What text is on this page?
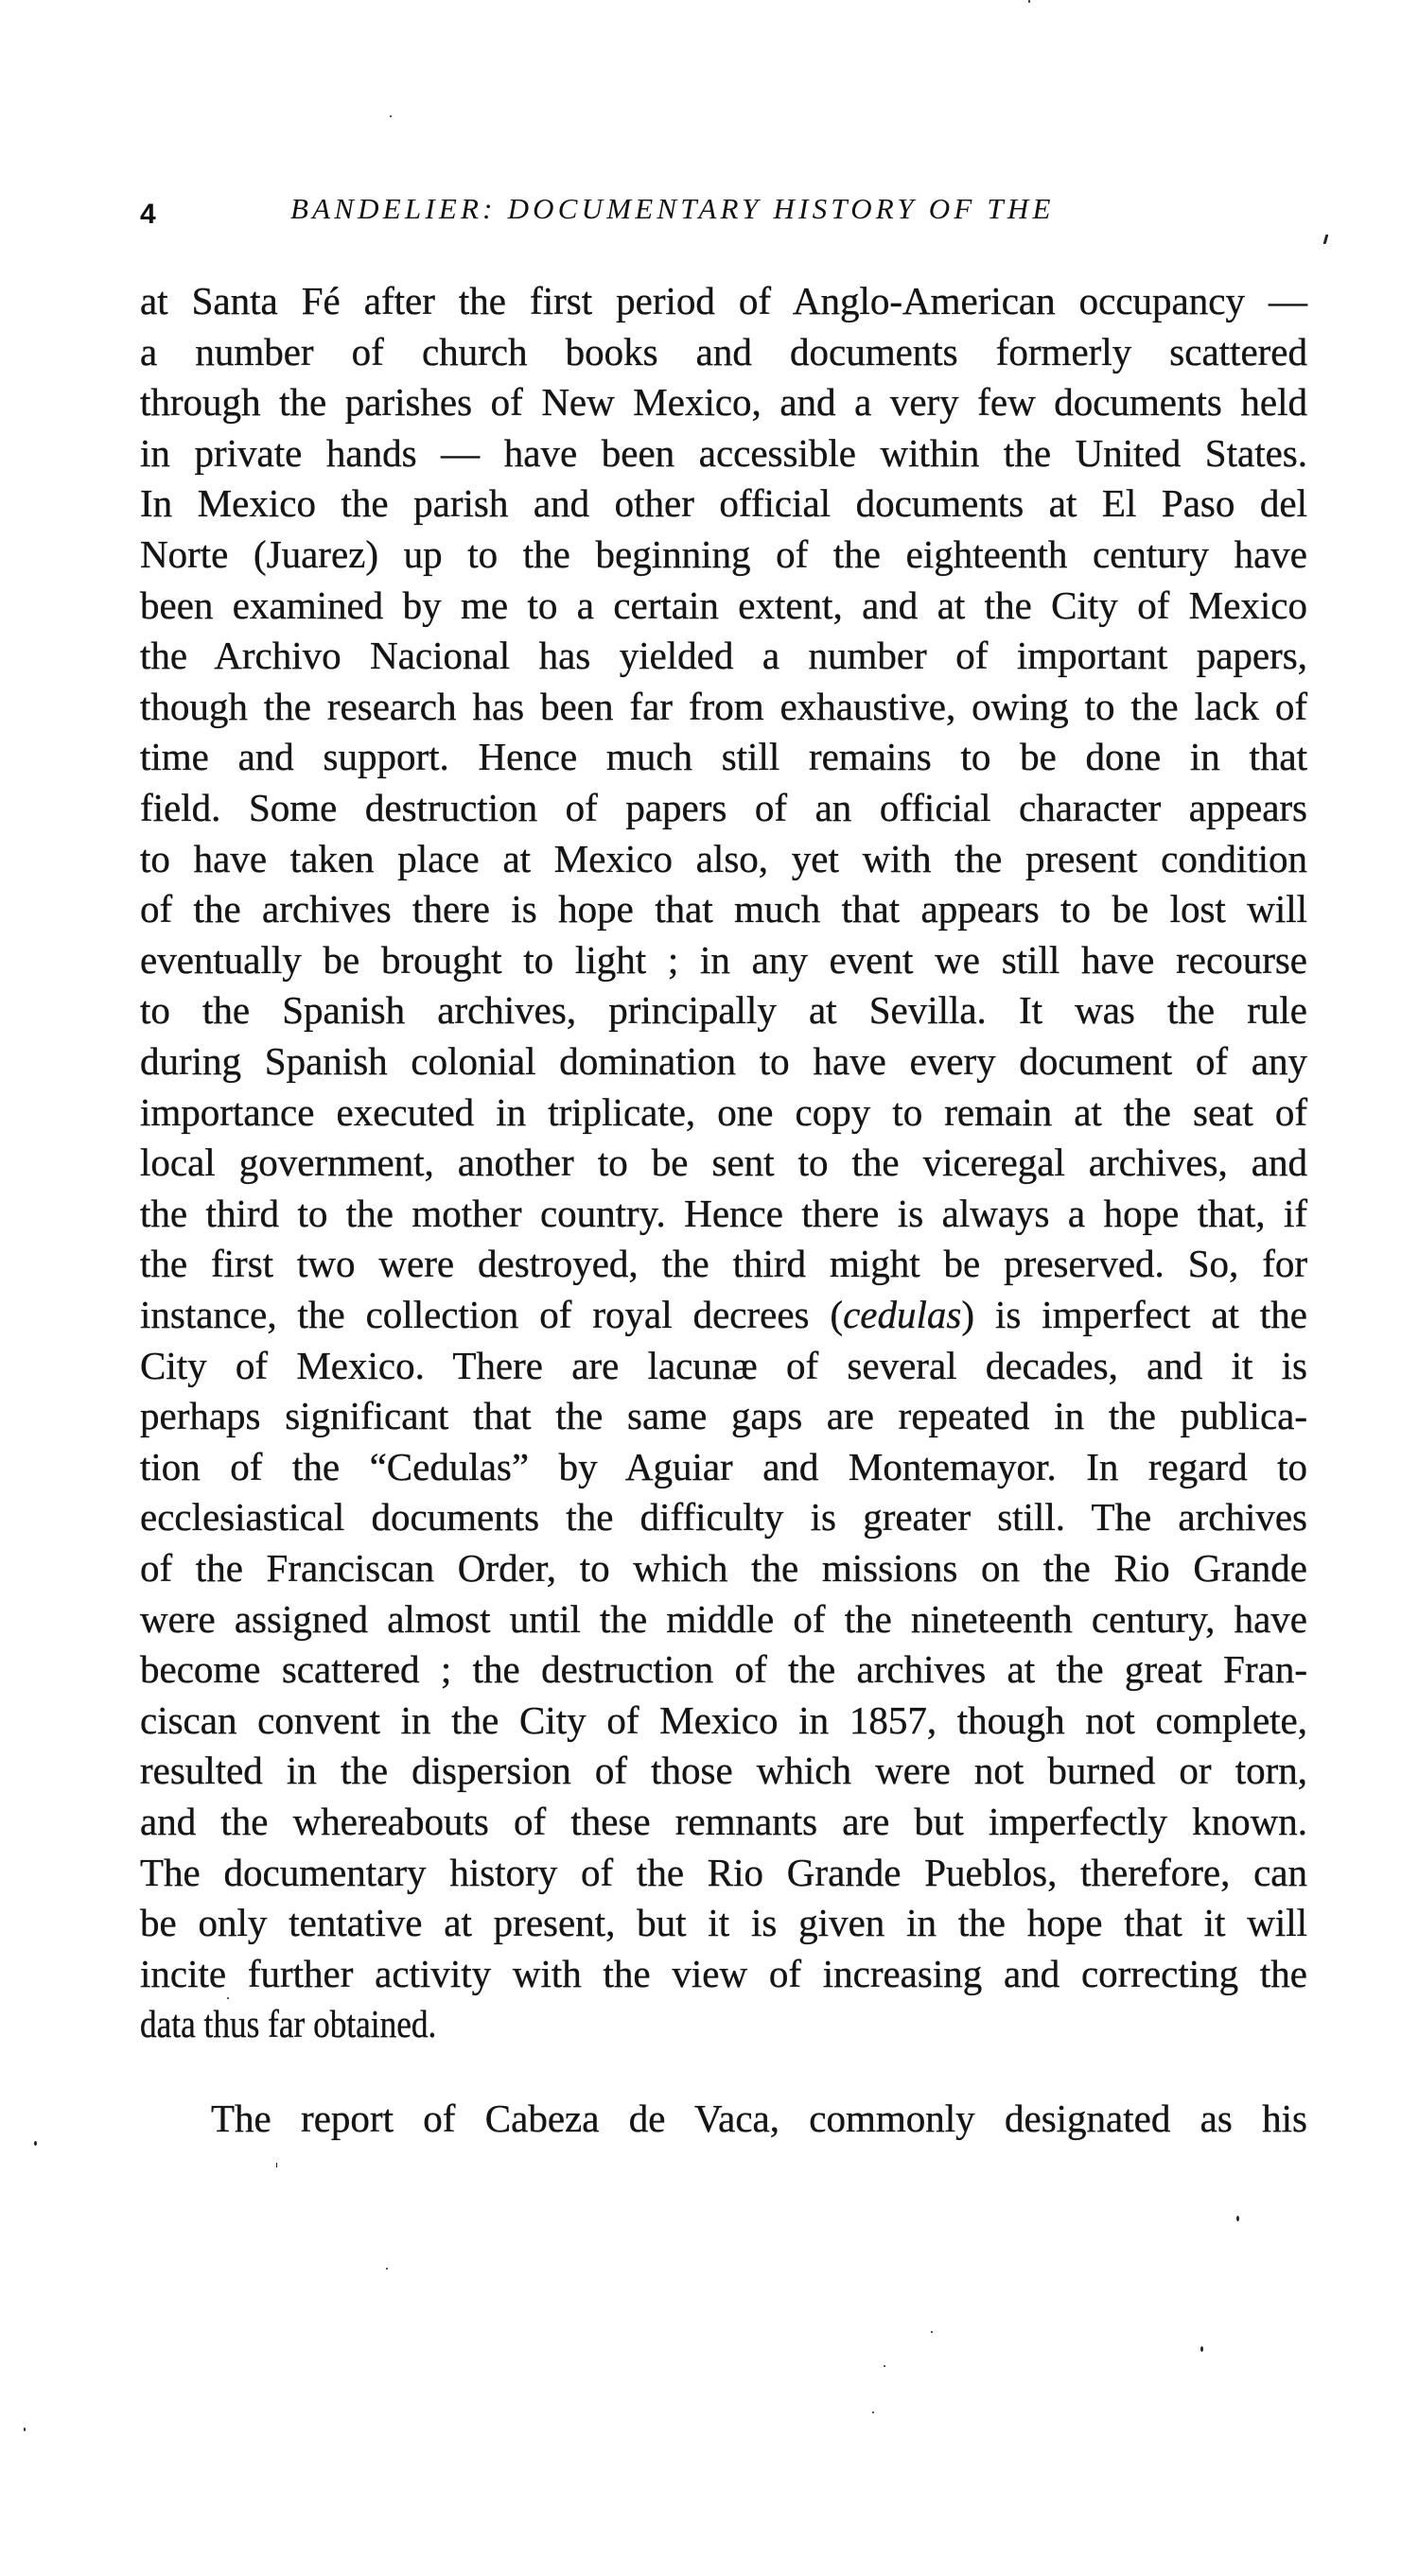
4	BANDELIER: DOCUMENTARY HISTORY OF THE
at Santa Fé after the first period of Anglo-American occupancy —
a number of church books and documents formerly scattered
through the parishes of New Mexico, and a very few documents held
in private hands — have been accessible within the United States.
In Mexico the parish and other official documents at El Paso del
Norte (Juarez) up to the beginning of the eighteenth century have
been examined by me to a certain extent, and at the City of Mexico
the Archivo Nacional has yielded a number of important papers,
though the research has been far from exhaustive, owing to the lack of
time and support. Hence much still remains to be done in that
field. Some destruction of papers of an official character appears
to have taken place at Mexico also, yet with the present condition
of the archives there is hope that much that appears to be lost will
eventually be brought to light ; in any event we still have recourse
to the Spanish archives, principally at Sevilla. It was the rule
during Spanish colonial domination to have every document of any
importance executed in triplicate, one copy to remain at the seat of
local government, another to be sent to the viceregal archives, and
the third to the mother country. Hence there is always a hope that, if
the first two were destroyed, the third might be preserved. So, for
instance, the collection of royal decrees (cedulas) is imperfect at the
City of Mexico. There are lacunæ of several decades, and it is
perhaps significant that the same gaps are repeated in the publica-
tion of the “Cedulas” by Aguiar and Montemayor. In regard to
ecclesiastical documents the difficulty is greater still. The archives
of the Franciscan Order, to which the missions on the Rio Grande
were assigned almost until the middle of the nineteenth century, have
become scattered ; the destruction of the archives at the great Fran-
ciscan convent in the City of Mexico in 1857, though not complete,
resulted in the dispersion of those which were not burned or torn,
and the whereabouts of these remnants are but imperfectly known.
The documentary history of the Rio Grande Pueblos, therefore, can
be only tentative at present, but it is given in the hope that it will
incite further activity with the view of increasing and correcting the
data thus far obtained.
The report of Cabeza de Vaca, commonly designated as his
